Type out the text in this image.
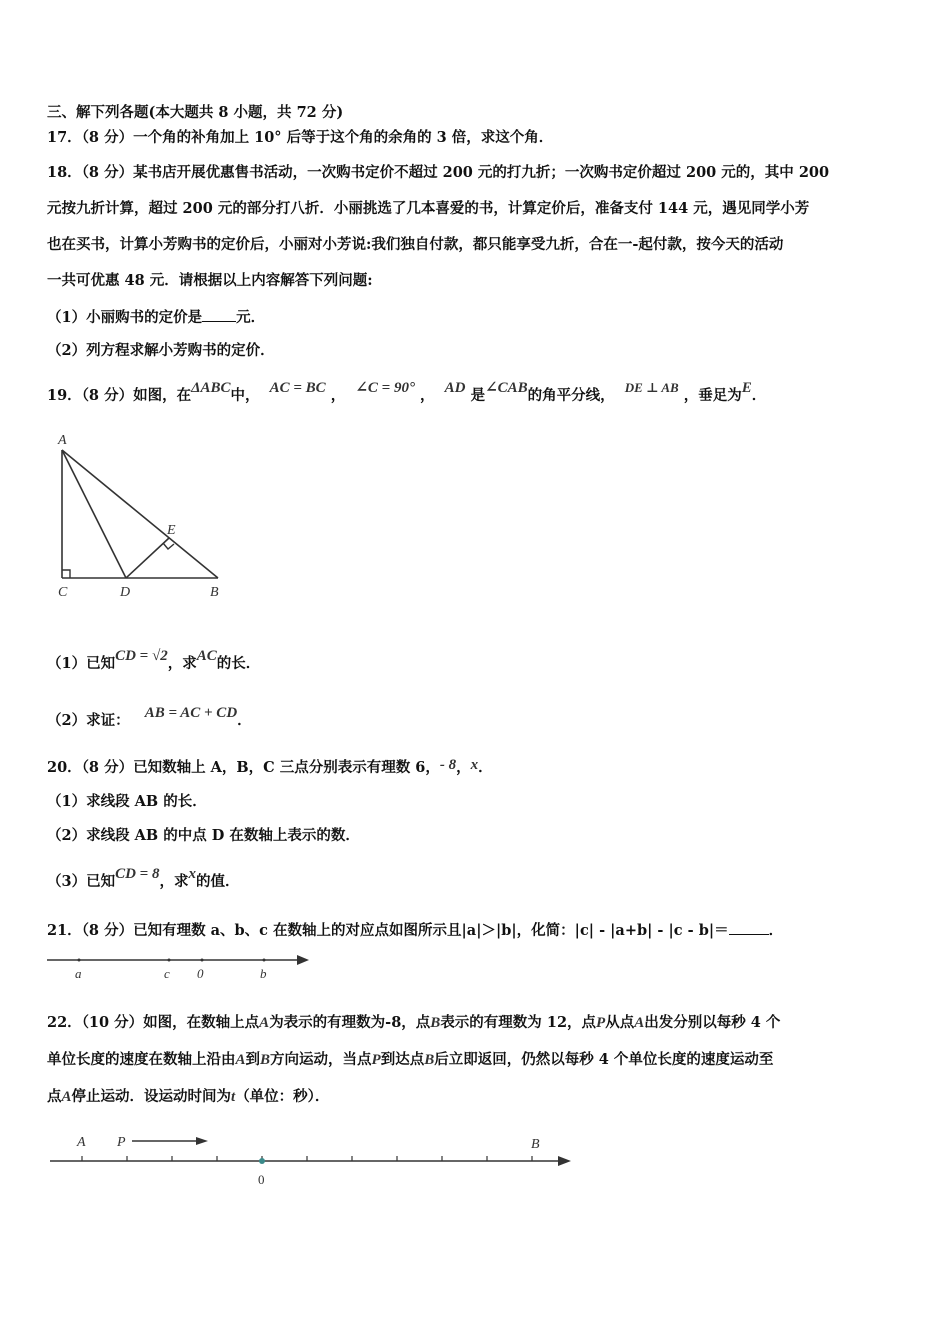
三、解下列各题(本大题共 8 小题，共 72 分)
17．（8 分）一个角的补角加上 10° 后等于这个角的余角的 3 倍，求这个角．
18．（8 分）某书店开展优惠售书活动，一次购书定价不超过 200 元的打九折；一次购书定价超过 200 元的，其中 200
元按九折计算，超过 200 元的部分打八折．小丽挑选了几本喜爱的书，计算定价后，准备支付 144 元，遇见同学小芳
也在买书，计算小芳购书的定价后，小丽对小芳说:我们独自付款，都只能享受九折，合在一-起付款，按今天的活动
一共可优惠 48 元．请根据以上内容解答下列问题:
（1）小丽购书的定价是 元．
（2）列方程求解小芳购书的定价．
19．（8 分）如图，在ΔABC中， AC = BC ， ∠C = 90° ， AD 是∠CAB的角平分线， DE ⊥ AB ，垂足为E．
A
C	D	B
E
（1）已知CD = √2，求AC的长．
（2）求证： AB = AC + CD．
20．（8 分）已知数轴上 A，B，C 三点分别表示有理数 6，- 8，x．
（1）求线段 AB 的长．
（2）求线段 AB 的中点 D 在数轴上表示的数．
（3）已知CD = 8，求x的值．
21．（8 分）已知有理数 a、b、c 在数轴上的对应点如图所示且|a|＞|b|，化简：|c| - |a+b| - |c - b|＝	．
a	c 0	b
22．（10 分）如图，在数轴上点A为表示的有理数为-8，点B表示的有理数为 12，点P从点A出发分别以每秒 4 个
单位长度的速度在数轴上沿由A到B方向运动，当点P到达点B后立即返回，仍然以每秒 4 个单位长度的速度运动至
点A停止运动．设运动时间为t（单位：秒）．
A P	B
0
